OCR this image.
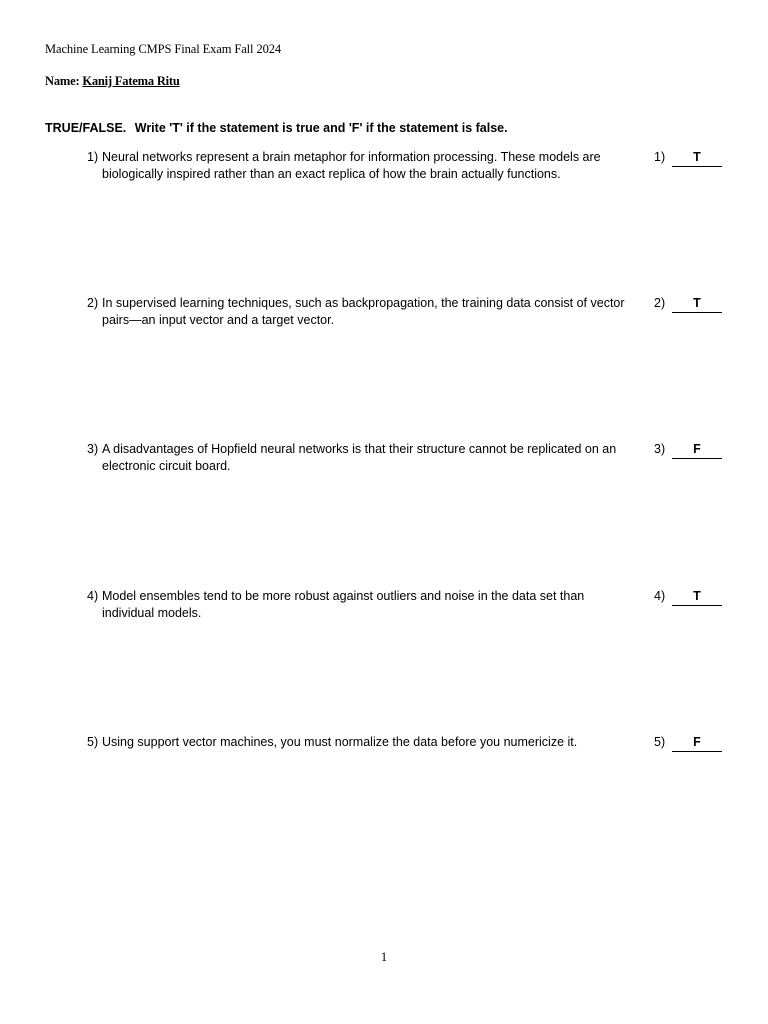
Machine Learning CMPS Final Exam Fall 2024
Name: Kanij Fatema Ritu
TRUE/FALSE. Write 'T' if the statement is true and 'F' if the statement is false.
1) Neural networks represent a brain metaphor for information processing. These models are biologically inspired rather than an exact replica of how the brain actually functions.
1)	T
2) In supervised learning techniques, such as backpropagation, the training data consist of vector pairs—an input vector and a target vector.
2)	T
3) A disadvantages of Hopfield neural networks is that their structure cannot be replicated on an electronic circuit board.
3)	F
4) Model ensembles tend to be more robust against outliers and noise in the data set than individual models.
4)	T
5) Using support vector machines, you must normalize the data before you numericize it.	5)	F
1
